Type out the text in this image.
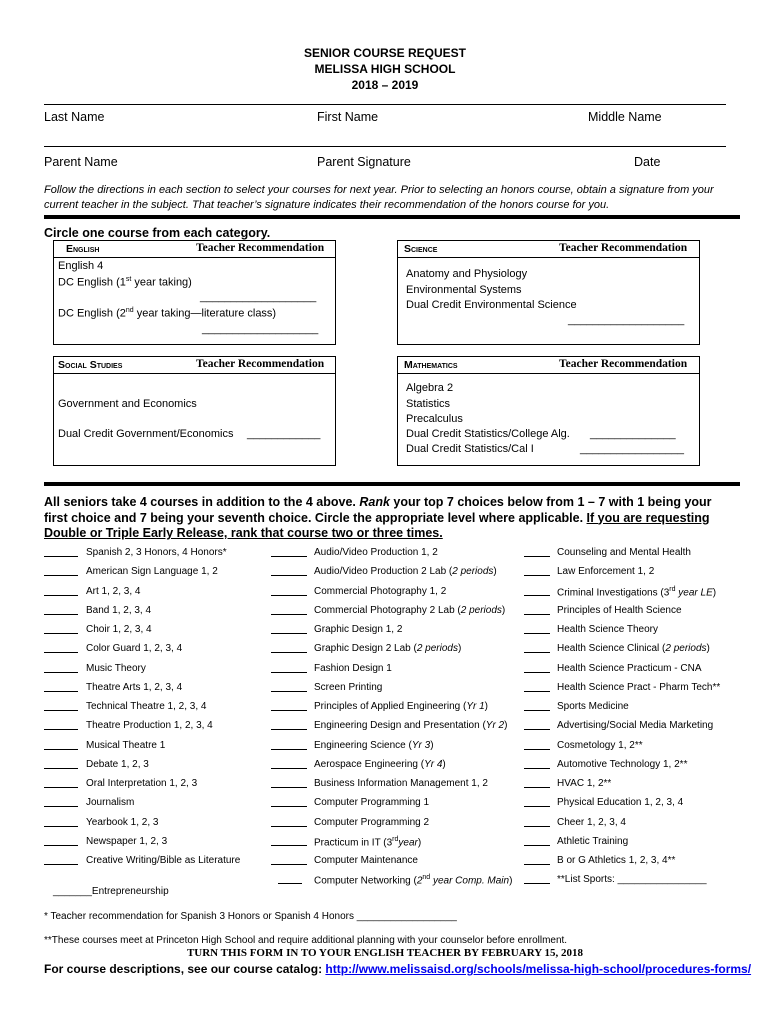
SENIOR COURSE REQUEST
MELISSA HIGH SCHOOL
2018 – 2019
Last Name	First Name	Middle Name
Parent Name	Parent Signature	Date
Follow the directions in each section to select your courses for next year. Prior to selecting an honors course, obtain a signature from your current teacher in the subject. That teacher’s signature indicates their recommendation of the honors course for you.
Circle one course from each category.
English	Teacher Recommendation
English 4
DC English (1st year taking)
___________________
DC English (2nd year taking—literature class)
___________________
Science	Teacher Recommendation
Anatomy and Physiology
Environmental Systems
Dual Credit Environmental Science
___________________
Social Studies	Teacher Recommendation
Government and Economics
Dual Credit Government/Economics ____________
Mathematics	Teacher Recommendation
Algebra 2
Statistics
Precalculus
Dual Credit Statistics/College Alg. ______________
Dual Credit Statistics/Cal I	_________________
All seniors take 4 courses in addition to the 4 above. Rank your top 7 choices below from 1 – 7 with 1 being your first choice and 7 being your seventh choice. Circle the appropriate level where applicable. If you are requesting Double or Triple Early Release, rank that course two or three times.
Spanish 2, 3 Honors, 4 Honors*
American Sign Language 1, 2
Art 1, 2, 3, 4
Band 1, 2, 3, 4
Choir 1, 2, 3, 4
Color Guard 1, 2, 3, 4
Music Theory
Theatre Arts 1, 2, 3, 4
Technical Theatre 1, 2, 3, 4
Theatre Production 1, 2, 3, 4
Musical Theatre 1
Debate 1, 2, 3
Oral Interpretation 1, 2, 3
Journalism
Yearbook 1, 2, 3
Newspaper 1, 2, 3
Creative Writing/Bible as Literature
Audio/Video Production 1, 2
Audio/Video Production 2 Lab (2 periods)
Commercial Photography 1, 2
Commercial Photography 2 Lab (2 periods)
Graphic Design 1, 2
Graphic Design 2 Lab (2 periods)
Fashion Design 1
Screen Printing
Principles of Applied Engineering (Yr 1)
Engineering Design and Presentation (Yr 2)
Engineering Science (Yr 3)
Aerospace Engineering (Yr 4)
Business Information Management 1, 2
Computer Programming 1
Computer Programming 2
Practicum in IT (3rdyear)
Computer Maintenance
Computer Networking (2nd year Comp. Main)
Counseling and Mental Health
Law Enforcement 1, 2
Criminal Investigations (3rd year LE)
Principles of Health Science
Health Science Theory
Health Science Clinical (2 periods)
Health Science Practicum - CNA
Health Science Pract - Pharm Tech**
Sports Medicine
Advertising/Social Media Marketing
Cosmetology 1, 2**
Automotive Technology 1, 2**
HVAC 1, 2**
Physical Education 1, 2, 3, 4
Cheer 1, 2, 3, 4
Athletic Training
B or G Athletics 1, 2, 3, 4**
**List Sports: ________________
_______Entrepreneurship
* Teacher recommendation for Spanish 3 Honors or Spanish 4 Honors __________________
**These courses meet at Princeton High School and require additional planning with your counselor before enrollment.
TURN THIS FORM IN TO YOUR ENGLISH TEACHER BY FEBRUARY 15, 2018
For course descriptions, see our course catalog: http://www.melissaisd.org/schools/melissa-high-school/procedures-forms/
